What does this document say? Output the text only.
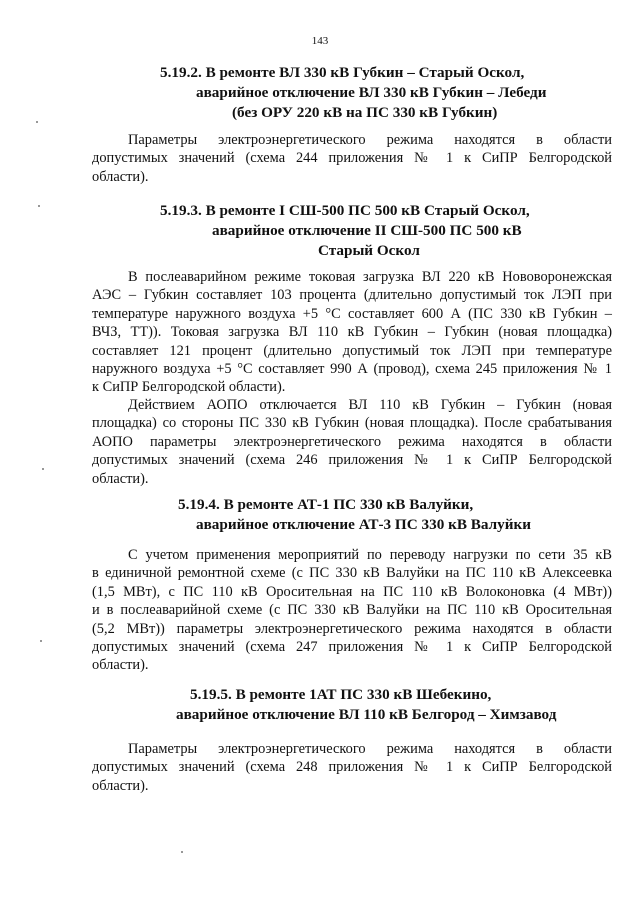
143
5.19.2. В ремонте ВЛ 330 кВ Губкин – Старый Оскол,
аварийное отключение ВЛ 330 кВ Губкин – Лебеди
(без ОРУ 220 кВ на ПС 330 кВ Губкин)
Параметры электроэнергетического режима находятся в области
допустимых значений (схема 244 приложения № 1 к СиПР Белгородской
области).
5.19.3. В ремонте I СШ-500 ПС 500 кВ Старый Оскол,
аварийное отключение II СШ-500 ПС 500 кВ
Старый Оскол
В послеаварийном режиме токовая загрузка ВЛ 220 кВ Нововоронежская
АЭС – Губкин составляет 103 процента (длительно допустимый ток ЛЭП при
температуре наружного воздуха +5 °С составляет 600 А (ПС 330 кВ Губкин –
ВЧЗ, ТТ)). Токовая загрузка ВЛ 110 кВ Губкин – Губкин (новая площадка)
составляет 121 процент (длительно допустимый ток ЛЭП при температуре
наружного воздуха +5 °С составляет 990 А (провод), схема 245 приложения № 1
к СиПР Белгородской области).
Действием АОПО отключается ВЛ 110 кВ Губкин – Губкин (новая
площадка) со стороны ПС 330 кВ Губкин (новая площадка). После срабатывания
АОПО параметры электроэнергетического режима находятся в области
допустимых значений (схема 246 приложения № 1 к СиПР Белгородской
области).
5.19.4. В ремонте АТ-1 ПС 330 кВ Валуйки,
аварийное отключение АТ-3 ПС 330 кВ Валуйки
С учетом применения мероприятий по переводу нагрузки по сети 35 кВ
в единичной ремонтной схеме (с ПС 330 кВ Валуйки на ПС 110 кВ Алексеевка
(1,5 МВт), с ПС 110 кВ Оросительная на ПС 110 кВ Волоконовка (4 МВт))
и в послеаварийной схеме (с ПС 330 кВ Валуйки на ПС 110 кВ Оросительная
(5,2 МВт)) параметры электроэнергетического режима находятся в области
допустимых значений (схема 247 приложения № 1 к СиПР Белгородской
области).
5.19.5. В ремонте 1АТ ПС 330 кВ Шебекино,
аварийное отключение ВЛ 110 кВ Белгород – Химзавод
Параметры электроэнергетического режима находятся в области
допустимых значений (схема 248 приложения № 1 к СиПР Белгородской
области).
